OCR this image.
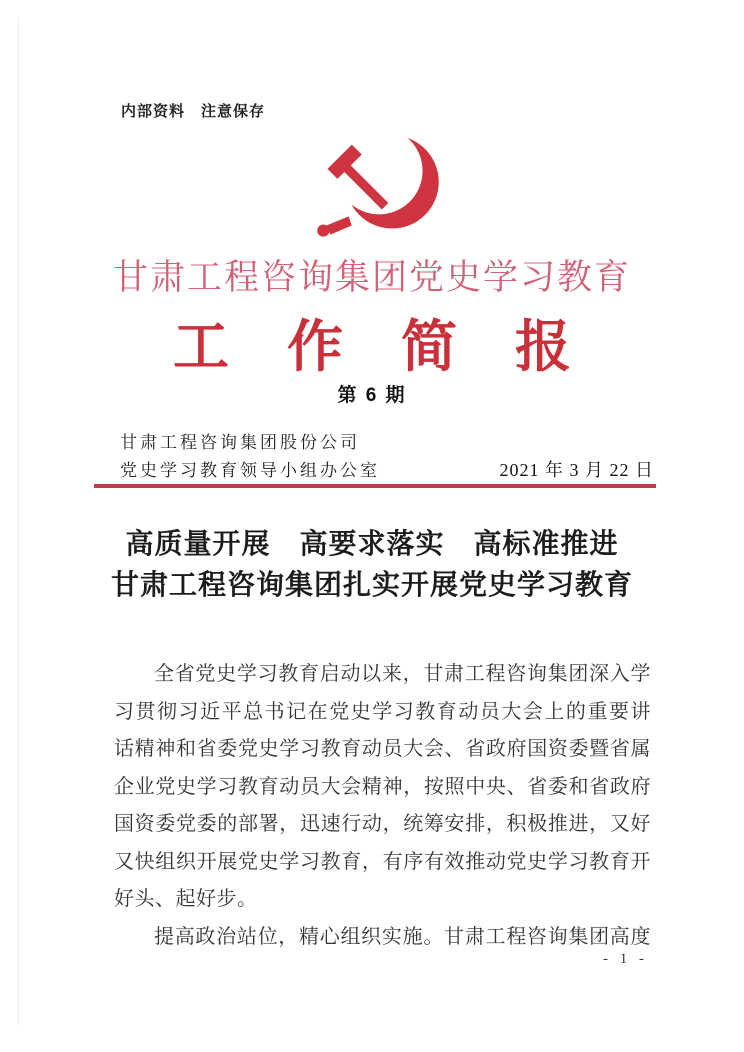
内部资料　注意保存
甘肃工程咨询集团党史学习教育
工作简报
第 6 期
甘肃工程咨询集团股份公司
党史学习教育领导小组办公室	2021 年 3 月 22 日
高质量开展　高要求落实　高标准推进
甘肃工程咨询集团扎实开展党史学习教育
全省党史学习教育启动以来，甘肃工程咨询集团深入学
习贯彻习近平总书记在党史学习教育动员大会上的重要讲
话精神和省委党史学习教育动员大会、省政府国资委暨省属
企业党史学习教育动员大会精神，按照中央、省委和省政府
国资委党委的部署，迅速行动，统筹安排，积极推进，又好
又快组织开展党史学习教育，有序有效推动党史学习教育开
好头、起好步。
提高政治站位，精心组织实施。甘肃工程咨询集团高度
- 1 -
